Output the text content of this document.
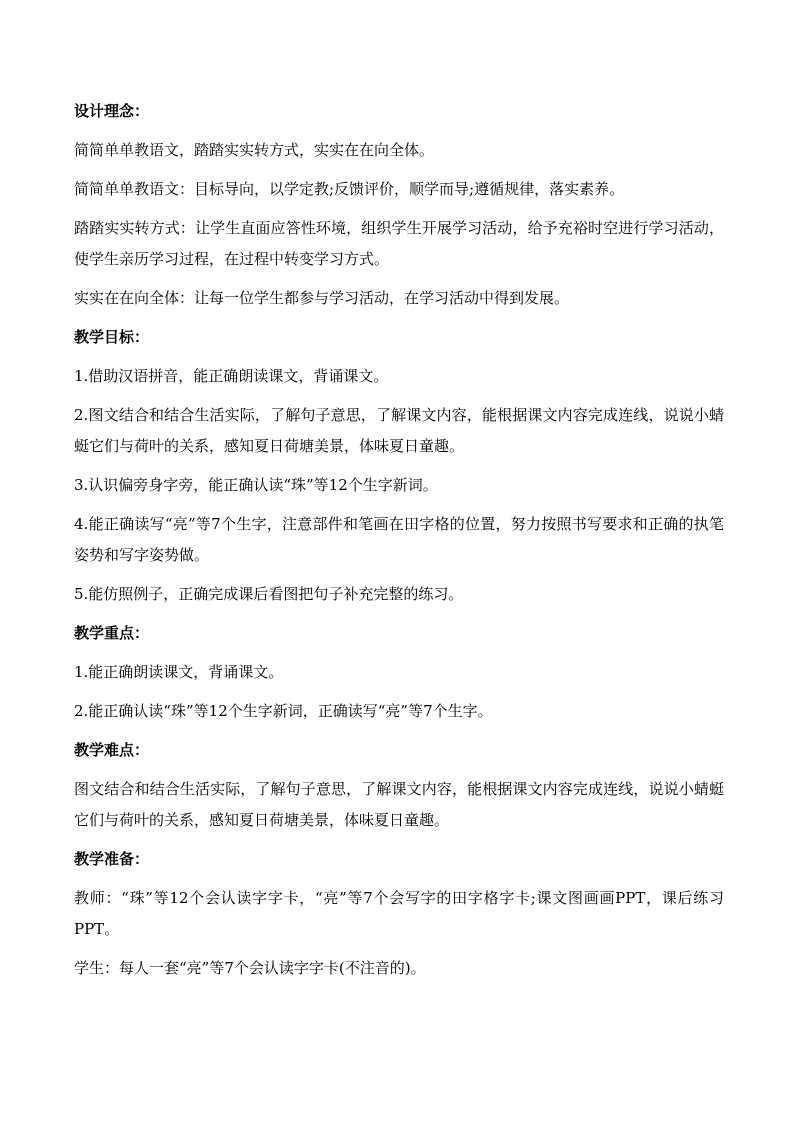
设计理念：

简简单单教语文，踏踏实实转方式，实实在在向全体。

简简单单教语文：目标导向，以学定教;反馈评价，顺学而导;遵循规律，落实素养。

踏踏实实转方式：让学生直面应答性环境，组织学生开展学习活动，给予充裕时空进行学习活动，使学生亲历学习过程，在过程中转变学习方式。

实实在在向全体：让每一位学生都参与学习活动，在学习活动中得到发展。

教学目标：

1.借助汉语拼音，能正确朗读课文，背诵课文。

2.图文结合和结合生活实际，了解句子意思，了解课文内容，能根据课文内容完成连线，说说小蜻蜓它们与荷叶的关系，感知夏日荷塘美景，体味夏日童趣。

3.认识偏旁身字旁，能正确认读“珠”等12个生字新词。

4.能正确读写“亮”等7个生字，注意部件和笔画在田字格的位置，努力按照书写要求和正确的执笔姿势和写字姿势做。

5.能仿照例子，正确完成课后看图把句子补充完整的练习。

教学重点：

1.能正确朗读课文，背诵课文。

2.能正确认读“珠”等12个生字新词，正确读写“亮”等7个生字。

教学难点：

图文结合和结合生活实际，了解句子意思，了解课文内容，能根据课文内容完成连线，说说小蜻蜓它们与荷叶的关系，感知夏日荷塘美景，体味夏日童趣。

教学准备：

教师：“珠”等12个会认读字字卡，“亮”等7个会写字的田字格字卡;课文图画画PPT，课后练习PPT。

学生：每人一套“亮”等7个会认读字字卡(不注音的)。
